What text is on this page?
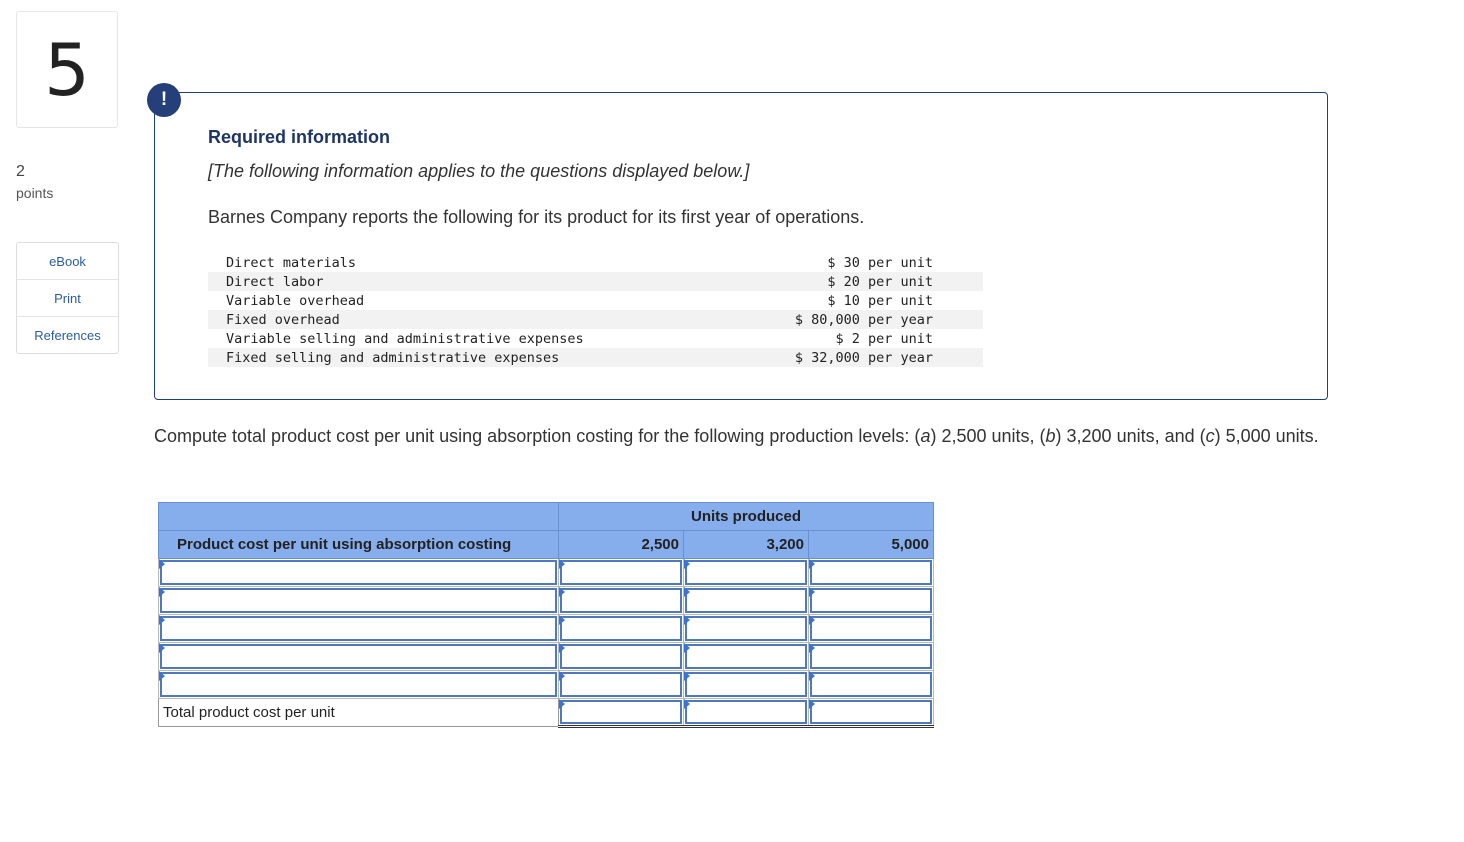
5
2
points
eBook
Print
References
!
Required information
[The following information applies to the questions displayed below.]
Barnes Company reports the following for its product for its first year of operations.
Direct materials	$ 30 per unit
Direct labor	$ 20 per unit
Variable overhead	$ 10 per unit
Fixed overhead	$ 80,000 per year
Variable selling and administrative expenses	$ 2 per unit
Fixed selling and administrative expenses	$ 32,000 per year
Compute total product cost per unit using absorption costing for the following production levels: (a) 2,500 units, (b) 3,200 units, and (c) 5,000 units.
	Units produced		
Product cost per unit using absorption costing	2,500	3,200	5,000

Total product cost per unit	
